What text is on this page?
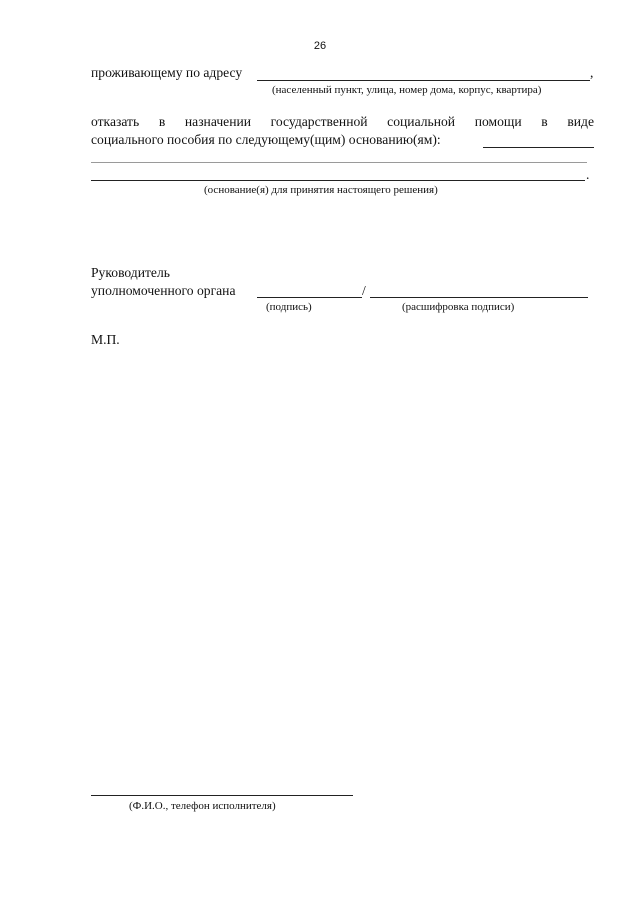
26
проживающему по адресу	,
(населенный пункт, улица, номер дома, корпус, квартира)
отказать в назначении государственной социальной помощи в виде
социального пособия по следующему(щим) основанию(ям):
.
(основание(я) для принятия настоящего решения)
Руководитель
уполномоченного органа	/
(подпись)	(расшифровка подписи)
М.П.
(Ф.И.О., телефон исполнителя)
